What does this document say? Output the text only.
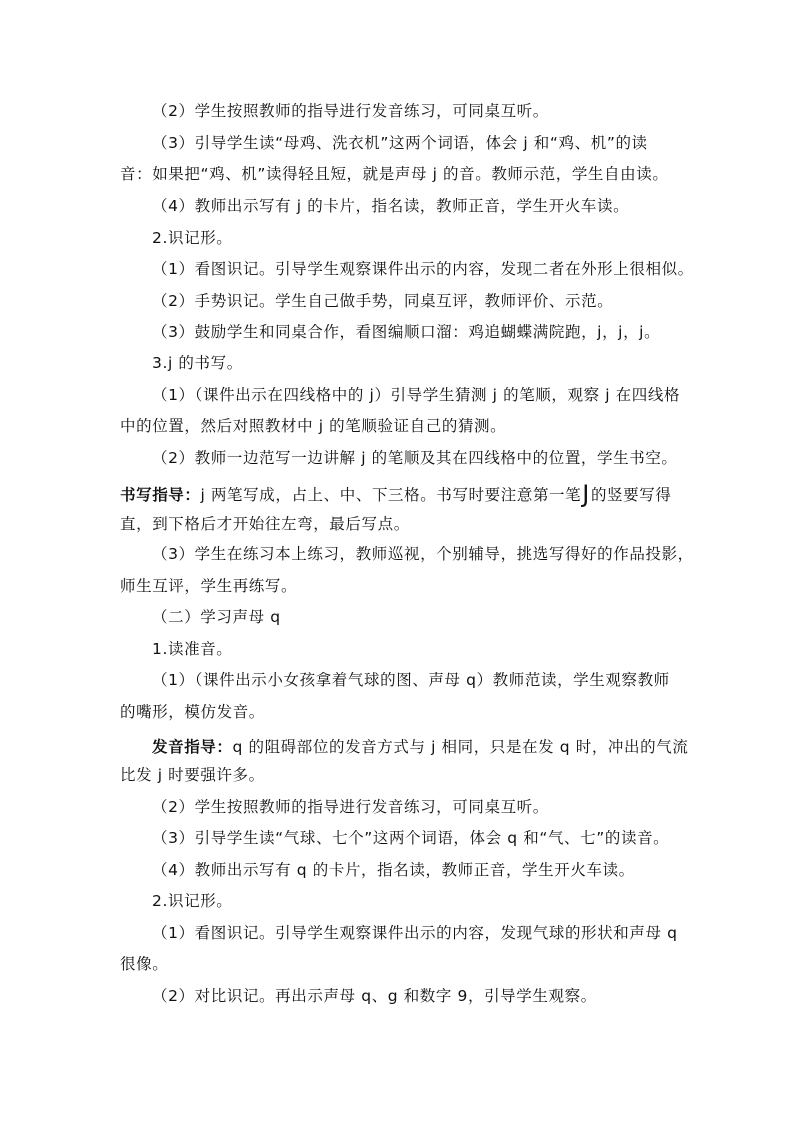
（2）学生按照教师的指导进行发音练习，可同桌互听。
（3）引导学生读“母鸡、洗衣机”这两个词语，体会 j 和“鸡、机”的读
音：如果把“鸡、机”读得轻且短，就是声母 j 的音。教师示范，学生自由读。
（4）教师出示写有 j 的卡片，指名读，教师正音，学生开火车读。
2.识记形。
（1）看图识记。引导学生观察课件出示的内容，发现二者在外形上很相似。
（2）手势识记。学生自己做手势，同桌互评，教师评价、示范。
（3）鼓励学生和同桌合作，看图编顺口溜：鸡追蝴蝶满院跑，j，j，j。
3.j 的书写。
（1）（课件出示在四线格中的 j）引导学生猜测 j 的笔顺，观察 j 在四线格
中的位置，然后对照教材中 j 的笔顺验证自己的猜测。
（2）教师一边范写一边讲解 j 的笔顺及其在四线格中的位置，学生书空。
书写指导：j 两笔写成，占上、中、下三格。书写时要注意第一笔J的竖要写得
直，到下格后才开始往左弯，最后写点。
（3）学生在练习本上练习，教师巡视，个别辅导，挑选写得好的作品投影，
师生互评，学生再练写。
（二）学习声母 q
1.读准音。
（1）（课件出示小女孩拿着气球的图、声母 q）教师范读，学生观察教师
的嘴形，模仿发音。
发音指导：q 的阻碍部位的发音方式与 j 相同，只是在发 q 时，冲出的气流
比发 j 时要强许多。
（2）学生按照教师的指导进行发音练习，可同桌互听。
（3）引导学生读“气球、七个”这两个词语，体会 q 和“气、七”的读音。
（4）教师出示写有 q 的卡片，指名读，教师正音，学生开火车读。
2.识记形。
（1）看图识记。引导学生观察课件出示的内容，发现气球的形状和声母 q
很像。
（2）对比识记。再出示声母 q、g 和数字 9，引导学生观察。
